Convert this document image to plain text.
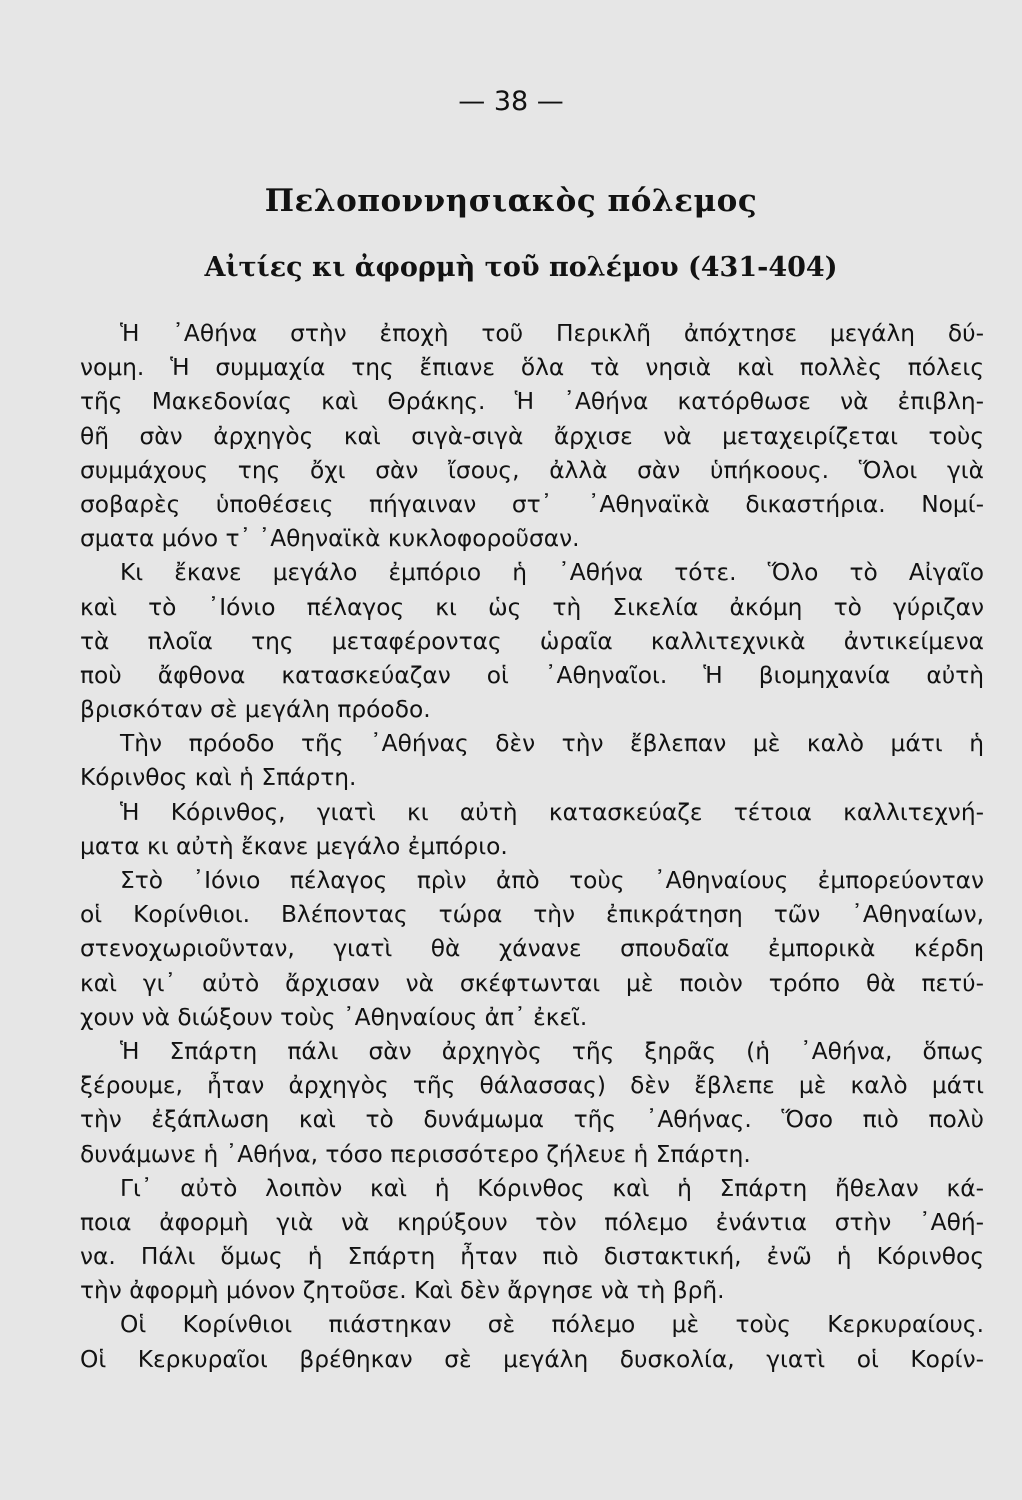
— 38 —
Πελοποννησιακὸς πόλεμος
Αἰτίες κι ἀφορμὴ τοῦ πολέμου (431-404)
Ἡ ᾿Αθήνα στὴν ἐποχὴ τοῦ Περικλῆ ἀπόχτησε μεγάλη δύ-
νομη. Ἡ συμμαχία της ἔπιανε ὅλα τὰ νησιὰ καὶ πολλὲς πόλεις
τῆς Μακεδονίας καὶ Θράκης. Ἡ ᾿Αθήνα κατόρθωσε νὰ ἐπιβλη-
θῆ σὰν ἀρχηγὸς καὶ σιγὰ-σιγὰ ἄρχισε νὰ μεταχειρίζεται τοὺς
συμμάχους της ὄχι σὰν ἴσους, ἀλλὰ σὰν ὑπήκοους. Ὅλοι γιὰ
σοβαρὲς ὑποθέσεις πήγαιναν στ᾿ ᾿Αθηναϊκὰ δικαστήρια. Νομί-
σματα μόνο τ᾿ ᾿Αθηναϊκὰ κυκλοφοροῦσαν.
Κι ἔκανε μεγάλο ἐμπόριο ἡ ᾿Αθήνα τότε. Ὅλο τὸ Αἰγαῖο
καὶ τὸ ᾿Ιόνιο πέλαγος κι ὡς τὴ Σικελία ἀκόμη τὸ γύριζαν
τὰ πλοῖα της μεταφέροντας ὡραῖα καλλιτεχνικὰ ἀντικείμενα
ποὺ ἄφθονα κατασκεύαζαν οἱ ᾿Αθηναῖοι. Ἡ βιομηχανία αὐτὴ
βρισκόταν σὲ μεγάλη πρόοδο.
Τὴν πρόοδο τῆς ᾿Αθήνας δὲν τὴν ἔβλεπαν μὲ καλὸ μάτι ἡ
Κόρινθος καὶ ἡ Σπάρτη.
Ἡ Κόρινθος, γιατὶ κι αὐτὴ κατασκεύαζε τέτοια καλλιτεχνή-
ματα κι αὐτὴ ἔκανε μεγάλο ἐμπόριο.
Στὸ ᾿Ιόνιο πέλαγος πρὶν ἀπὸ τοὺς ᾿Αθηναίους ἐμπορεύονταν
οἱ Κορίνθιοι. Βλέποντας τώρα τὴν ἐπικράτηση τῶν ᾿Αθηναίων,
στενοχωριοῦνταν, γιατὶ θὰ χάνανε σπουδαῖα ἐμπορικὰ κέρδη
καὶ γι᾿ αὐτὸ ἄρχισαν νὰ σκέφτωνται μὲ ποιὸν τρόπο θὰ πετύ-
χουν νὰ διώξουν τοὺς ᾿Αθηναίους ἀπ᾿ ἐκεῖ.
Ἡ Σπάρτη πάλι σὰν ἀρχηγὸς τῆς ξηρᾶς (ἡ ᾿Αθήνα, ὅπως
ξέρουμε, ἦταν ἀρχηγὸς τῆς θάλασσας) δὲν ἔβλεπε μὲ καλὸ μάτι
τὴν ἐξάπλωση καὶ τὸ δυνάμωμα τῆς ᾿Αθήνας. Ὅσο πιὸ πολὺ
δυνάμωνε ἡ ᾿Αθήνα, τόσο περισσότερο ζήλευε ἡ Σπάρτη.
Γι᾿ αὐτὸ λοιπὸν καὶ ἡ Κόρινθος καὶ ἡ Σπάρτη ἤθελαν κά-
ποια ἀφορμὴ γιὰ νὰ κηρύξουν τὸν πόλεμο ἐνάντια στὴν ᾿Αθή-
να. Πάλι ὅμως ἡ Σπάρτη ἦταν πιὸ διστακτική, ἐνῶ ἡ Κόρινθος
τὴν ἀφορμὴ μόνον ζητοῦσε. Καὶ δὲν ἄργησε νὰ τὴ βρῆ.
Οἱ Κορίνθιοι πιάστηκαν σὲ πόλεμο μὲ τοὺς Κερκυραίους.
Οἱ Κερκυραῖοι βρέθηκαν σὲ μεγάλη δυσκολία, γιατὶ οἱ Κορίν-
